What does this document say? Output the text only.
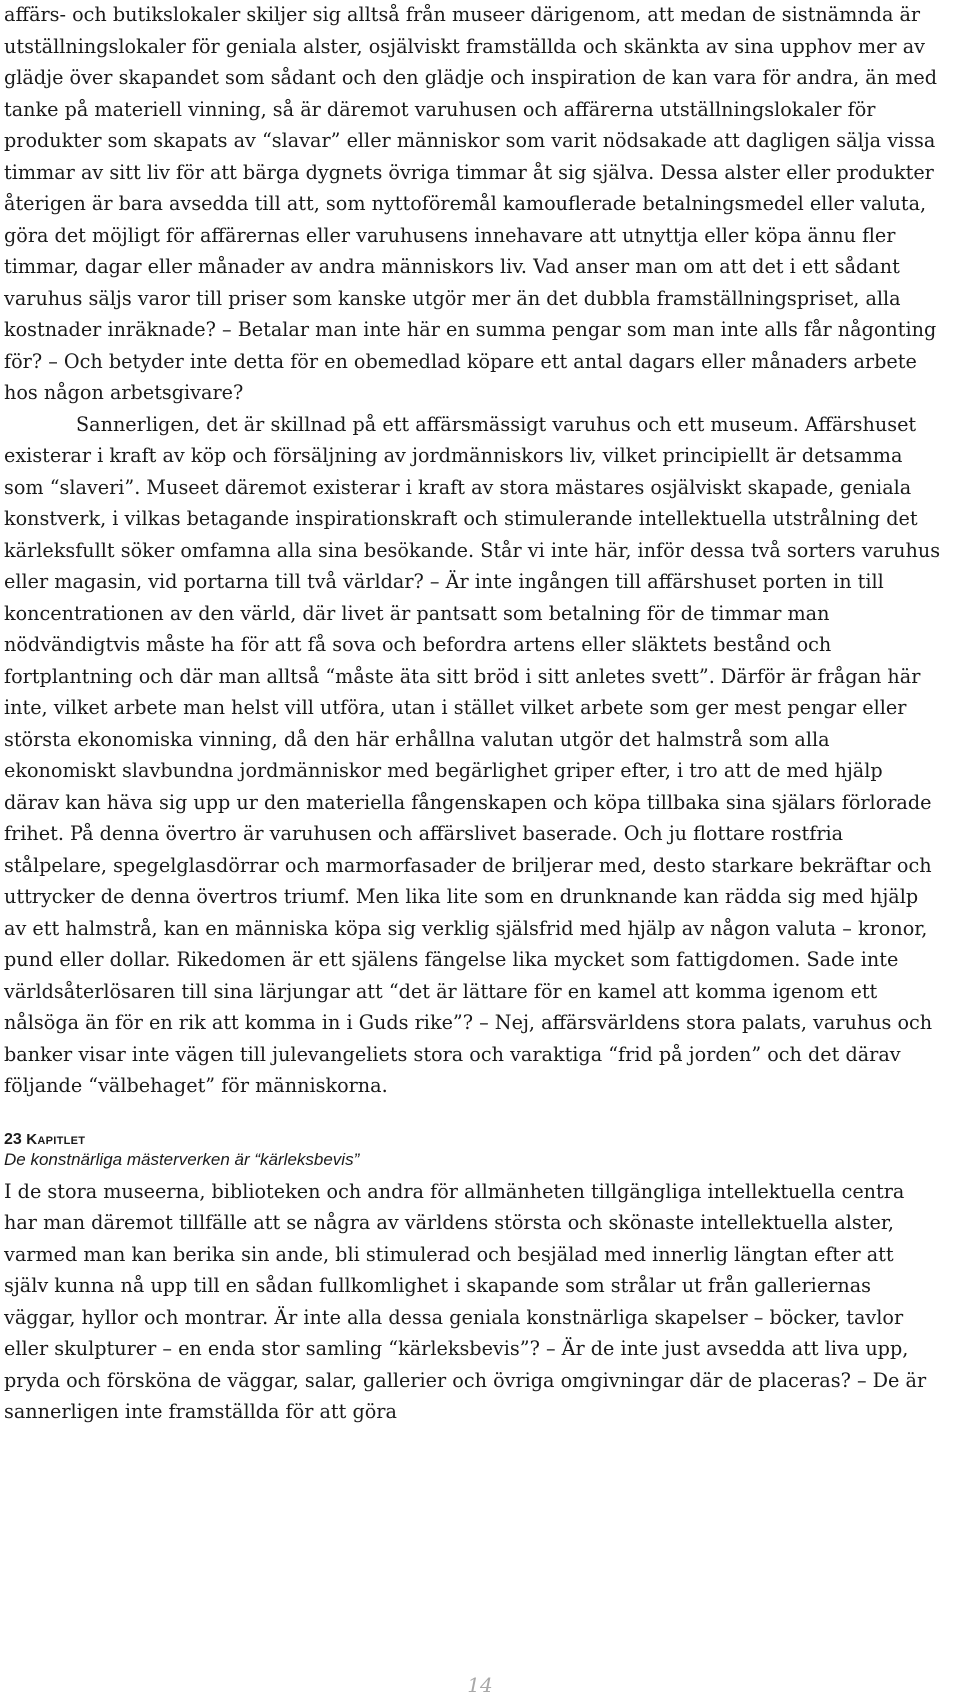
affärs- och butikslokaler skiljer sig alltså från museer därigenom, att medan de sistnämnda är utställningslokaler för geniala alster, osjälviskt framställda och skänkta av sina upphov mer av glädje över skapandet som sådant och den glädje och inspiration de kan vara för andra, än med tanke på materiell vinning, så är däremot varuhusen och affärerna utställningslokaler för produkter som skapats av “slavar” eller människor som varit nödsakade att dagligen sälja vissa timmar av sitt liv för att bärga dygnets övriga timmar åt sig själva. Dessa alster eller produkter återigen är bara avsedda till att, som nyttoföremål kamouflerade betalningsmedel eller valuta, göra det möjligt för affärernas eller varuhusens innehavare att utnyttja eller köpa ännu fler timmar, dagar eller månader av andra människors liv. Vad anser man om att det i ett sådant varuhus säljs varor till priser som kanske utgör mer än det dubbla framställningspriset, alla kostnader inräknade? – Betalar man inte här en summa pengar som man inte alls får någonting för? – Och betyder inte detta för en obemedlad köpare ett antal dagars eller månaders arbete hos någon arbetsgivare?

Sannerligen, det är skillnad på ett affärsmässigt varuhus och ett museum. Affärshuset existerar i kraft av köp och försäljning av jordmänniskors liv, vilket principiellt är detsamma som “slaveri”. Museet däremot existerar i kraft av stora mästares osjälviskt skapade, geniala konstverk, i vilkas betagande inspirationskraft och stimulerande intellektuella utstrålning det kärleksfullt söker omfamna alla sina besökande. Står vi inte här, inför dessa två sorters varuhus eller magasin, vid portarna till två världar? – Är inte ingången till affärshuset porten in till koncentrationen av den värld, där livet är pantsatt som betalning för de timmar man nödvändigtvis måste ha för att få sova och befordra artens eller släktets bestånd och fortplantning och där man alltså “måste äta sitt bröd i sitt anletes svett”. Därför är frågan här inte, vilket arbete man helst vill utföra, utan i stället vilket arbete som ger mest pengar eller största ekonomiska vinning, då den här erhållna valutan utgör det halmstrå som alla ekonomiskt slavbundna jordmänniskor med begärlighet griper efter, i tro att de med hjälp därav kan häva sig upp ur den materiella fångenskapen och köpa tillbaka sina själars förlorade frihet. På denna övertro är varuhusen och affärslivet baserade. Och ju flottare rostfria stålpelare, spegelglasdörrar och marmorfasader de briljerar med, desto starkare bekräftar och uttrycker de denna övertros triumf. Men lika lite som en drunknande kan rädda sig med hjälp av ett halmstrå, kan en människa köpa sig verklig själsfrid med hjälp av någon valuta – kronor, pund eller dollar. Rikedomen är ett själens fängelse lika mycket som fattigdomen. Sade inte världsåterlösaren till sina lärjungar att “det är lättare för en kamel att komma igenom ett nålsöga än för en rik att komma in i Guds rike”? – Nej, affärsvärldens stora palats, varuhus och banker visar inte vägen till julevangeliets stora och varaktiga “frid på jorden” och det därav följande “välbehaget” för människorna.

23 Kapitlet

De konstnärliga mästerverken är “kärleksbevis”

I de stora museerna, biblioteken och andra för allmänheten tillgängliga intellektuella centra har man däremot tillfälle att se några av världens största och skönaste intellektuella alster, varmed man kan berika sin ande, bli stimulerad och besjälad med innerlig längtan efter att själv kunna nå upp till en sådan fullkomlighet i skapande som strålar ut från galleriernas väggar, hyllor och montrar. Är inte alla dessa geniala konstnärliga skapelser – böcker, tavlor eller skulpturer – en enda stor samling “kärleksbevis”? – Är de inte just avsedda att liva upp, pryda och försköna de väggar, salar, gallerier och övriga omgivningar där de placeras? – De är sannerligen inte framställda för att göra

14
